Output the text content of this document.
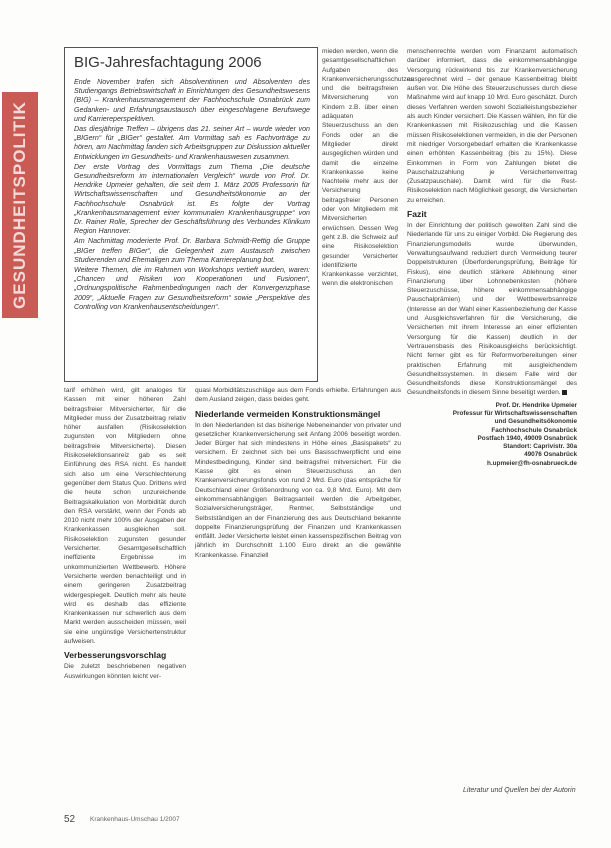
GESUNDHEITSPOLITIK
BIG-Jahresfachtagung 2006

Ende November trafen sich Absolventinnen und Absolventen des Studiengangs Betriebswirtschaft in Einrichtungen des Gesundheitswesens (BIG) – Krankenhausmanagement der Fachhochschule Osnabrück zum Gedanken- und Erfahrungsaustausch über eingeschlagene Berufswege und Karriereperspektiven.

Das diesjährige Treffen – übrigens das 21. seiner Art – wurde wieder von „BIGern“ für „BIGer“ gestaltet. Am Vormittag sah es Fachvorträge zu hören, am Nachmittag fanden sich Arbeitsgruppen zur Diskussion aktueller Entwicklungen im Gesundheits- und Krankenhauswesen zusammen.

Der erste Vortrag des Vormittags zum Thema „Die deutsche Gesundheitsreform im internationalen Vergleich“ wurde von Prof. Dr. Hendrike Upmeier gehalten, die seit dem 1. März 2005 Professorin für Wirtschaftswissenschaften und Gesundheitsökonomie an der Fachhochschule Osnabrück ist. Es folgte der Vortrag „Krankenhausmanagement einer kommunalen Krankenhausgruppe“ von Dr. Rainer Rolle, Sprecher der Geschäftsführung des Verbundes Klinikum Region Hannover.

Am Nachmittag moderierte Prof. Dr. Barbara Schmidt-Rettig die Gruppe „BIGer treffen BIGer“, die Gelegenheit zum Austausch zwischen Studierenden und Ehemaligen zum Thema Karriereplanung bot.

Weitere Themen, die im Rahmen von Workshops vertieft wurden, waren: „Chancen und Risiken von Kooperationen und Fusionen“, „Ordnungspolitische Rahmenbedingungen nach der Konvergenzphase 2009“, „Aktuelle Fragen zur Gesundheitsreform“ sowie „Perspektive des Controlling von Krankenhausentscheidungen“.

tarif erhöhen wird, gilt analoges für Kassen mit einer höheren Zahl beitragsfreier Mitversicherter, für die Mitglieder muss der Zusatzbeitrag relativ höher ausfallen (Risikoselektion zugunsten von Mitgliedern ohne beitragsfreie Mitversicherte). Diesen Risikoselektionsanreiz gab es seit Einführung des RSA nicht. Es handelt sich also um eine Verschlechterung gegenüber dem Status Quo. Drittens wird die heute schon unzureichende Beitragskalkulation von Morbidität durch den RSA verstärkt, wenn der Fonds ab 2010 nicht mehr 100% der Ausgaben der Krankenkassen ausgleichen soll. Risikoselektion zugunsten gesunder Versicherter. Gesamtgesellschaftlich ineffiziente Ergebnisse im unkommunizierten Wettbewerb. Höhere Versicherte werden benachteiligt und in einem geringeren Zusatzbeitrag widergespiegelt. Deutlich mehr als heute wird es deshalb das effiziente Krankenkassen nur schwerlich aus dem Markt werden ausscheiden müssen, weil sie eine ungünstige Versichertenstruktur aufweisen.

Verbesserungsvorschlag

Die zuletzt beschriebenen negativen Auswirkungen könnten leicht ver-

mieden werden, wenn die gesamtgesellschaftlichen Aufgaben des Krankenversicherungsschutzes und die beitragsfreien Mitversicherung von Kindern z.B. über einen adäquaten Steuerzuschuss an den Fonds oder an die Mitglieder direkt ausgeglichen würden und damit die einzelne Krankenkasse keine Nachteile mehr aus der Versicherung beitragsfreier Personen oder von Mitgliedern mit Mitversicherten erwüchsen. Dessen Weg geht z.B. die Schweiz auf eine Risikoselektion gesunder Versicherter identifizierte Krankenkasse verzichtet, wenn die elektronischen

quasi Morbiditätszuschläge aus dem Fonds erhielte. Erfahrungen aus dem Ausland zeigen, dass beides geht.

Niederlande vermeiden Konstruktionsmängel

In den Niederlanden ist das bisherige Nebeneinander von privater und gesetzlicher Krankenversicherung seit Anfang 2006 beseitigt worden. Jeder Bürger hat sich mindestens in Höhe eines „Basispakets“ zu versichern. Er zeichnet sich bei uns Basisschwerpflicht und eine Mindestbedingung, Kinder sind beitragsfrei mitversichert. Für die Kasse gibt es einen Steuerzuschuss an den Krankenversicherungsfonds von rund 2 Mrd. Euro (das entspräche für Deutschland einer Größenordnung von ca. 9,8 Mrd. Euro). Mit dem einkommensabhängigen Beitragsanteil werden die Arbeitgeber, Sozialversicherungsträger, Rentner, Selbstständige und Selbstständigen an der Finanzierung des aus Deutschland bekannte doppelte Finanzierungsprüfung der Finanzen und Krankenkassen entfällt. Jeder Versicherte leistet einen kassenspezifischen Beitrag von jährlich im Durchschnitt 1.100 Euro direkt an die gewählte Krankenkasse. Finanziell

menschenrechte werden vom Finanzamt automatisch darüber informiert, dass die einkommensabhängige Versorgung rückwirkend bis zur Krankenversicherung ausgerechnet wird – der genaue Kassenbeitrag bleibt außen vor. Die Höhe des Steuerzuschusses durch diese Maßnahme wird auf knapp 10 Mrd. Euro geschätzt. Durch dieses Verfahren werden sowohl Sozialleistungsbezieher als auch Kinder versichert. Die Kassen wählen, ihn für die Krankenkassen mit Risikozuschlag und die Kassen müssen Risikoselektionen vermeiden, in die der Personen mit niedriger Vorsorgebedarf erhalten die Krankenkasse einen erhöhten Kassenbeitrag (bis zu 15%). Diese Einkommen in Form von Zahlungen bietet die Pauschalzuzahlung je Versichertenvertrag (Zusatzpauschale). Damit wird für die Rest-Risikoselektion nach Möglichkeit gesorgt, die Versicherten zu erreichen.

Fazit

In der Einrichtung der politisch gewollten Zahl sind die Niederlande für uns zu einiger Vorbild. Die Regierung des Finanzierungsmodells wurde überwunden, Verwaltungsaufwand reduziert durch Vermeidung teurer Doppelstrukturen (Überforderungsprüfung, Beiträge für Fiskus), eine deutlich stärkere Ablehnung einer Finanzierung über Lohnnebenkosten (höhere Steuerzuschüsse, höhere einkommensabhängige Pauschalprämien) und der Wettbewerbsanreize (Interesse an der Wahl einer Kassenbeziehung der Kasse und Ausgleichsverfahren für die Versicherung, die Versicherten mit ihrem Interesse an einer effizienten Versorgung für die Kassen) deutlich in der Vertrauensbasis des Risikoausgleichs berücksichtigt. Nicht ferner gibt es für Reformvorbereitungen einer praktischen Erfahrung mit ausgleichendem Gesundheitssystemen. In diesem Falle wird der Gesundheitsfonds diese Konstruktionsmängel des Gesundheitsfonds in diesem Sinne beseitigt werden.

Prof. Dr. Hendrike Upmeier
Professur für Wirtschaftswissenschaften
und Gesundheitsökonomie
Fachhochschule Osnabrück
Postfach 1940, 49009 Osnabrück
Standort: Caprivistr. 30a
49076 Osnabrück
h.upmeier@fh-osnabrueck.de
Literatur und Quellen bei der Autorin
52 Krankenhaus-Umschau 1/2007
